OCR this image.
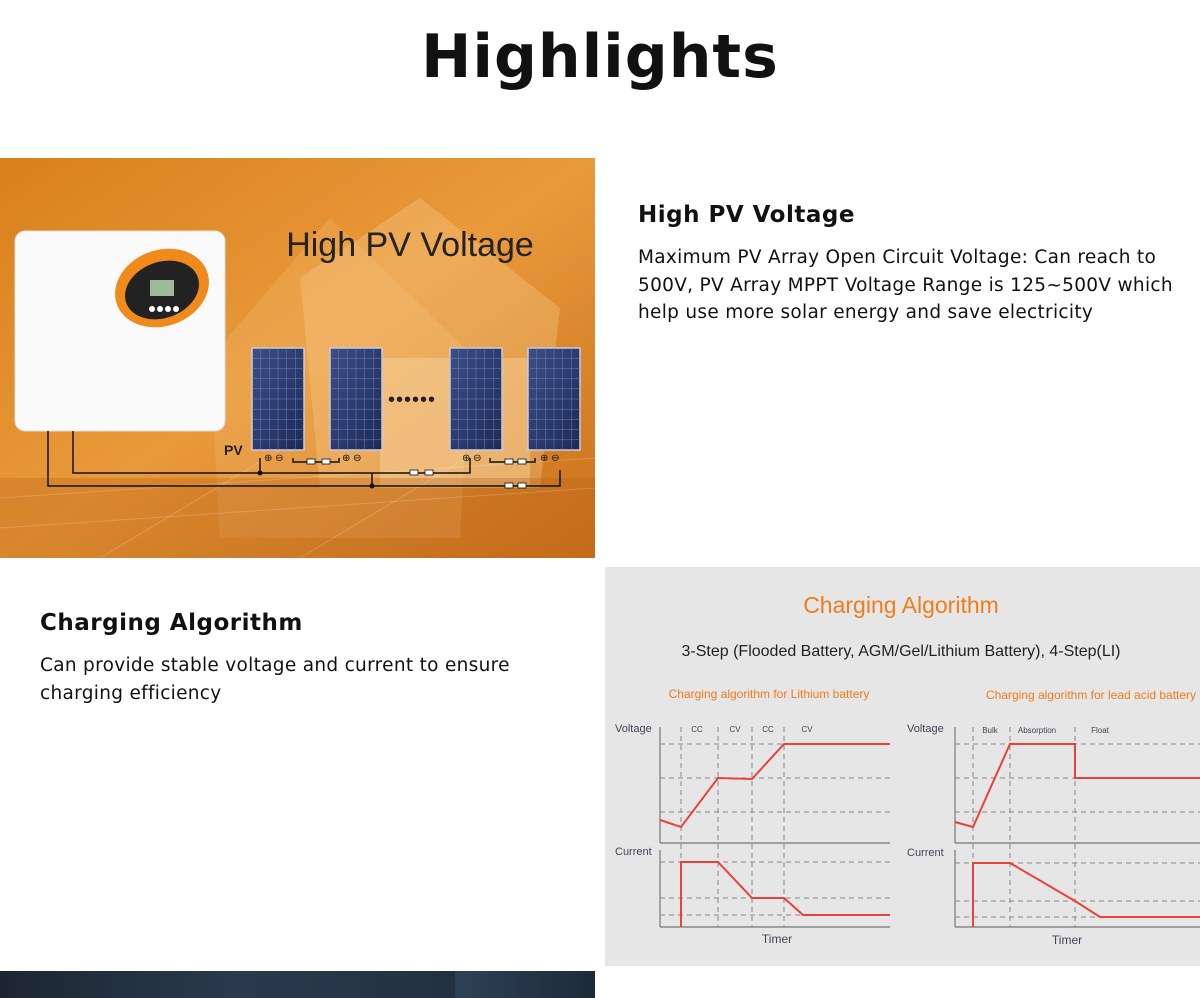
Highlights
High PV Voltage
⊕ ⊖	⊕ ⊖	⊕ ⊖	⊕ ⊖
PV
••••••
High PV Voltage

Maximum PV Array Open Circuit Voltage: Can reach to 500V, PV Array MPPT Voltage Range is 125~500V which help use more solar energy and save electricity

Charging Algorithm

Can provide stable voltage and current to ensure charging efficiency

Charging Algorithm
3-Step (Flooded Battery, AGM/Gel/Lithium Battery), 4-Step(LI)
Charging algorithm for Lithium battery	Charging algorithm for lead acid battery
Voltage
Current
Timer
CC	CV	CC	CV	Voltage
Current
Timer
Bulk	Absorption	Float
